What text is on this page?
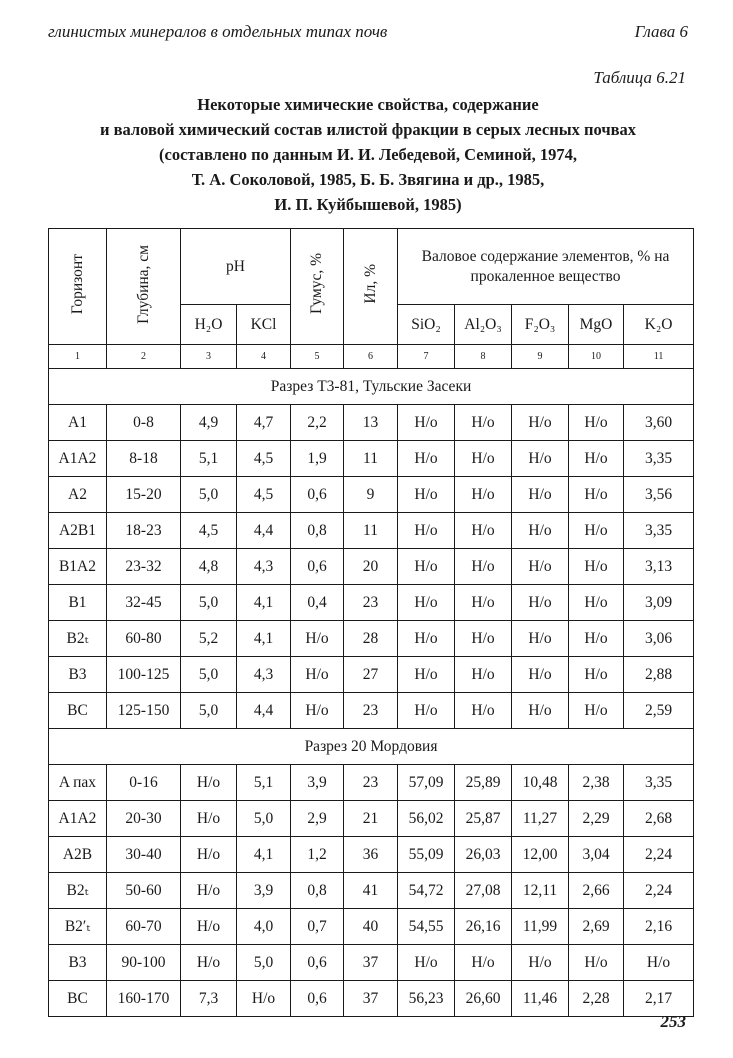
глинистых минералов в отдельных типах почв	Глава 6
Таблица 6.21
Некоторые химические свойства, содержание
и валовой химический состав илистой фракции в серых лесных почвах
(составлено по данным И. И. Лебедевой, Семиной, 1974,
Т. А. Соколовой, 1985, Б. Б. Звягина и др., 1985,
И. П. Куйбышевой, 1985)
Горизонт	Глубина, см	pH		Гумус, %	Ил, %	Валовое содержание элементов, % на прокаленное вещество				
		H₂O	KCl			SiO₂	Al₂O₃	F₂O₃	MgO	K₂O
1	2	3	4	5	6	7	8	9	10	11
Разрез Т3-81, Тульские Засеки										
A1	0-8	4,9	4,7	2,2	13	Н/о	Н/о	Н/о	Н/о	3,60
A1A2	8-18	5,1	4,5	1,9	11	Н/о	Н/о	Н/о	Н/о	3,35
A2	15-20	5,0	4,5	0,6	9	Н/о	Н/о	Н/о	Н/о	3,56
A2B1	18-23	4,5	4,4	0,8	11	Н/о	Н/о	Н/о	Н/о	3,35
B1A2	23-32	4,8	4,3	0,6	20	Н/о	Н/о	Н/о	Н/о	3,13
B1	32-45	5,0	4,1	0,4	23	Н/о	Н/о	Н/о	Н/о	3,09
B2ₜ	60-80	5,2	4,1	Н/о	28	Н/о	Н/о	Н/о	Н/о	3,06
B3	100-125	5,0	4,3	Н/о	27	Н/о	Н/о	Н/о	Н/о	2,88
BC	125-150	5,0	4,4	Н/о	23	Н/о	Н/о	Н/о	Н/о	2,59
Разрез 20 Мордовия										
A пах	0-16	Н/о	5,1	3,9	23	57,09	25,89	10,48	2,38	3,35
A1A2	20-30	Н/о	5,0	2,9	21	56,02	25,87	11,27	2,29	2,68
A2B	30-40	Н/о	4,1	1,2	36	55,09	26,03	12,00	3,04	2,24
B2ₜ	50-60	Н/о	3,9	0,8	41	54,72	27,08	12,11	2,66	2,24
B2′ₜ	60-70	Н/о	4,0	0,7	40	54,55	26,16	11,99	2,69	2,16
B3	90-100	Н/о	5,0	0,6	37	Н/о	Н/о	Н/о	Н/о	Н/о
BC	160-170	7,3	Н/о	0,6	37	56,23	26,60	11,46	2,28	2,17
253
